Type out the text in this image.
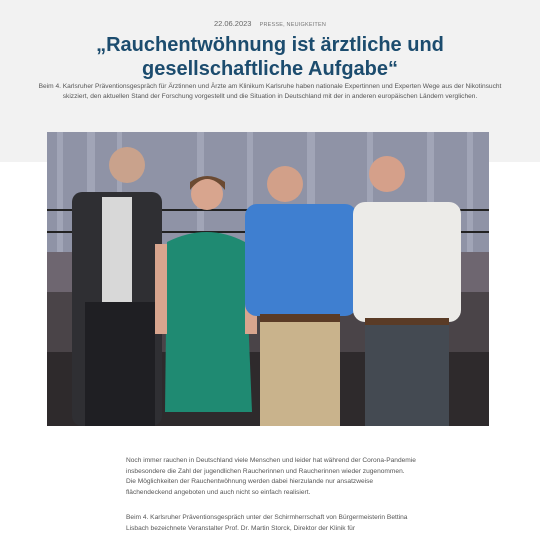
22.06.2023 PRESSE, NEUIGKEITEN
„Rauchentwöhnung ist ärztliche und gesellschaftliche Aufgabe“

Beim 4. Karlsruher Präventionsgespräch für Ärztinnen und Ärzte am Klinikum Karlsruhe haben nationale Expertinnen und Experten Wege aus der Nikotinsucht skizziert, den aktuellen Stand der Forschung vorgestellt und die Situation in Deutschland mit der in anderen europäischen Ländern verglichen.

Noch immer rauchen in Deutschland viele Menschen und leider hat während der Corona-Pandemie insbesondere die Zahl der jugendlichen Raucherinnen und Raucherinnen wieder zugenommen. Die Möglichkeiten der Rauchentwöhnung werden dabei hierzulande nur ansatzweise flächendeckend angeboten und auch nicht so einfach realisiert.

Beim 4. Karlsruher Präventionsgespräch unter der Schirmherrschaft von Bürgermeisterin Bettina Lisbach bezeichnete Veranstalter Prof. Dr. Martin Storck, Direktor der Klinik für
